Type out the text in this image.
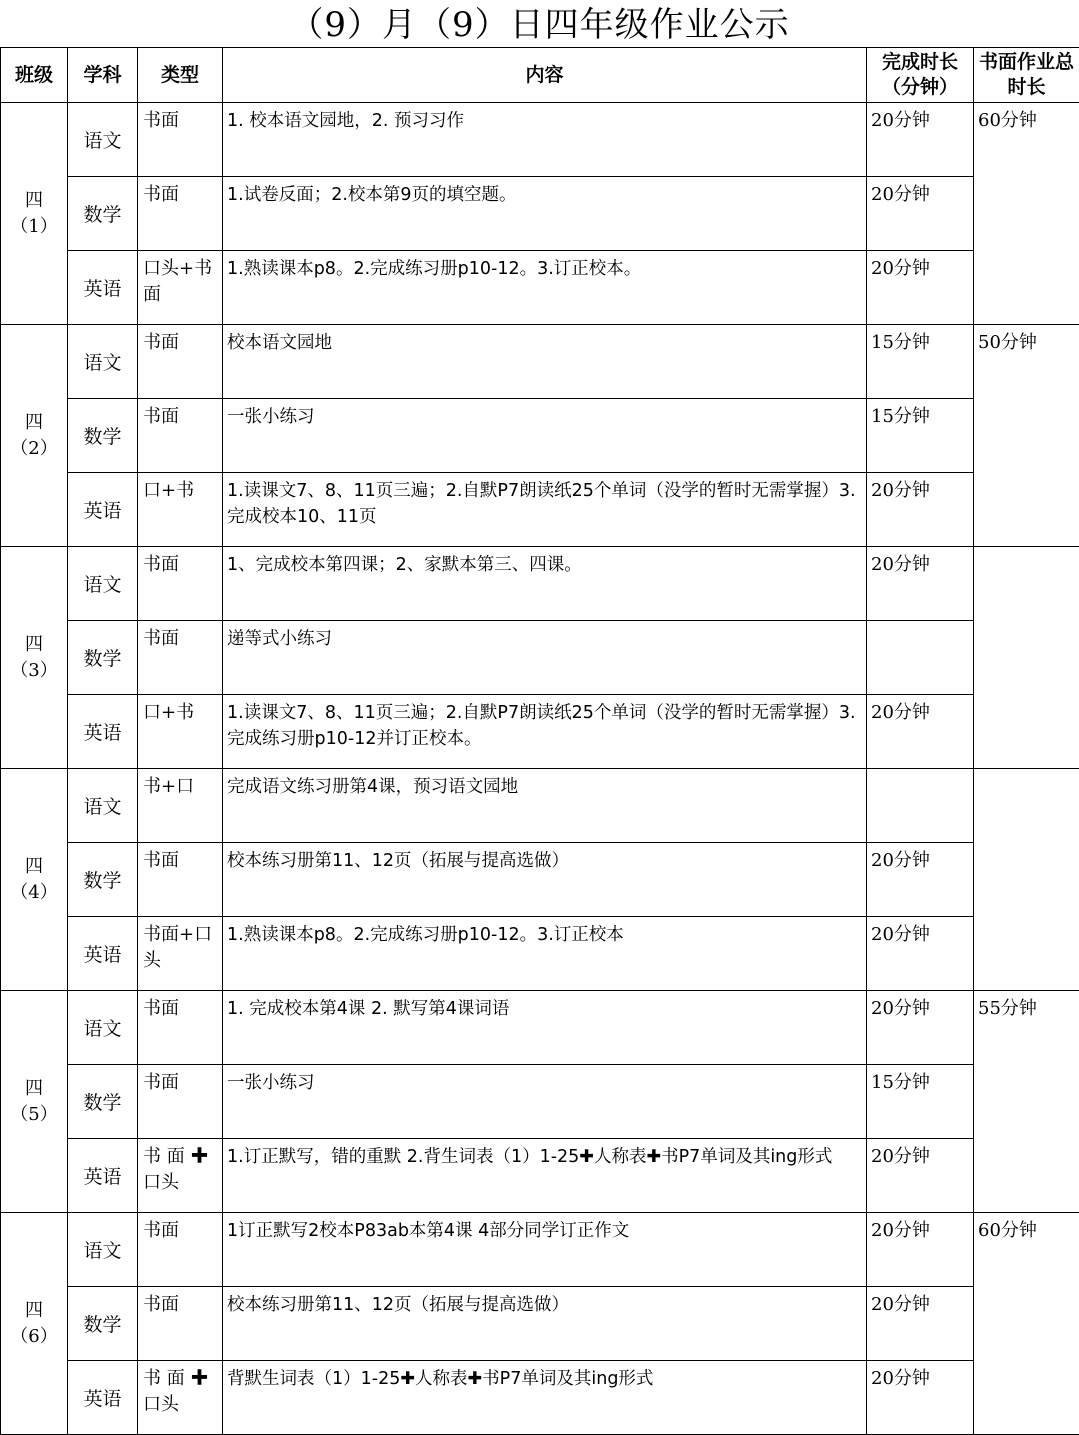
（9）月（9）日四年级作业公示
班级	学科	类型	内容	完成时长（分钟）	书面作业总时长

四
（1）	语文	书面	1. 校本语文园地，2. 预习习作	20分钟	60分钟
	数学	书面	1.试卷反面；2.校本第9页的填空题。	20分钟	
	英语	口头+书面	1.熟读课本p8。2.完成练习册p10-12。3.订正校本。	20分钟	

四
（2）	语文	书面	校本语文园地	15分钟	50分钟
	数学	书面	一张小练习	15分钟	
	英语	口+书	1.读课文7、8、11页三遍；2.自默P7朗读纸25个单词（没学的暂时无需掌握）3.完成校本10、11页	20分钟	

四
（3）	语文	书面	1、完成校本第四课；2、家默本第三、四课。	20分钟	
	数学	书面	递等式小练习		
	英语	口+书	1.读课文7、8、11页三遍；2.自默P7朗读纸25个单词（没学的暂时无需掌握）3.完成练习册p10-12并订正校本。	20分钟	

四
（4）	语文	书+口	完成语文练习册第4课，预习语文园地		
	数学	书面	校本练习册第11、12页（拓展与提高选做）	20分钟	
	英语	书面+口头	1.熟读课本p8。2.完成练习册p10-12。3.订正校本	20分钟	

四
（5）	语文	书面	1. 完成校本第4课 2. 默写第4课词语	20分钟	55分钟
	数学	书面	一张小练习	15分钟	
	英语	书 面 ✚口头	1.订正默写，错的重默 2.背生词表（1）1-25✚人称表✚书P7单词及其ing形式	20分钟	

四
（6）	语文	书面	1订正默写2校本P83ab本第4课 4部分同学订正作文	20分钟	60分钟
	数学	书面	校本练习册第11、12页（拓展与提高选做）	20分钟	
	英语	书 面 ✚口头	背默生词表（1）1-25✚人称表✚书P7单词及其ing形式	20分钟	
